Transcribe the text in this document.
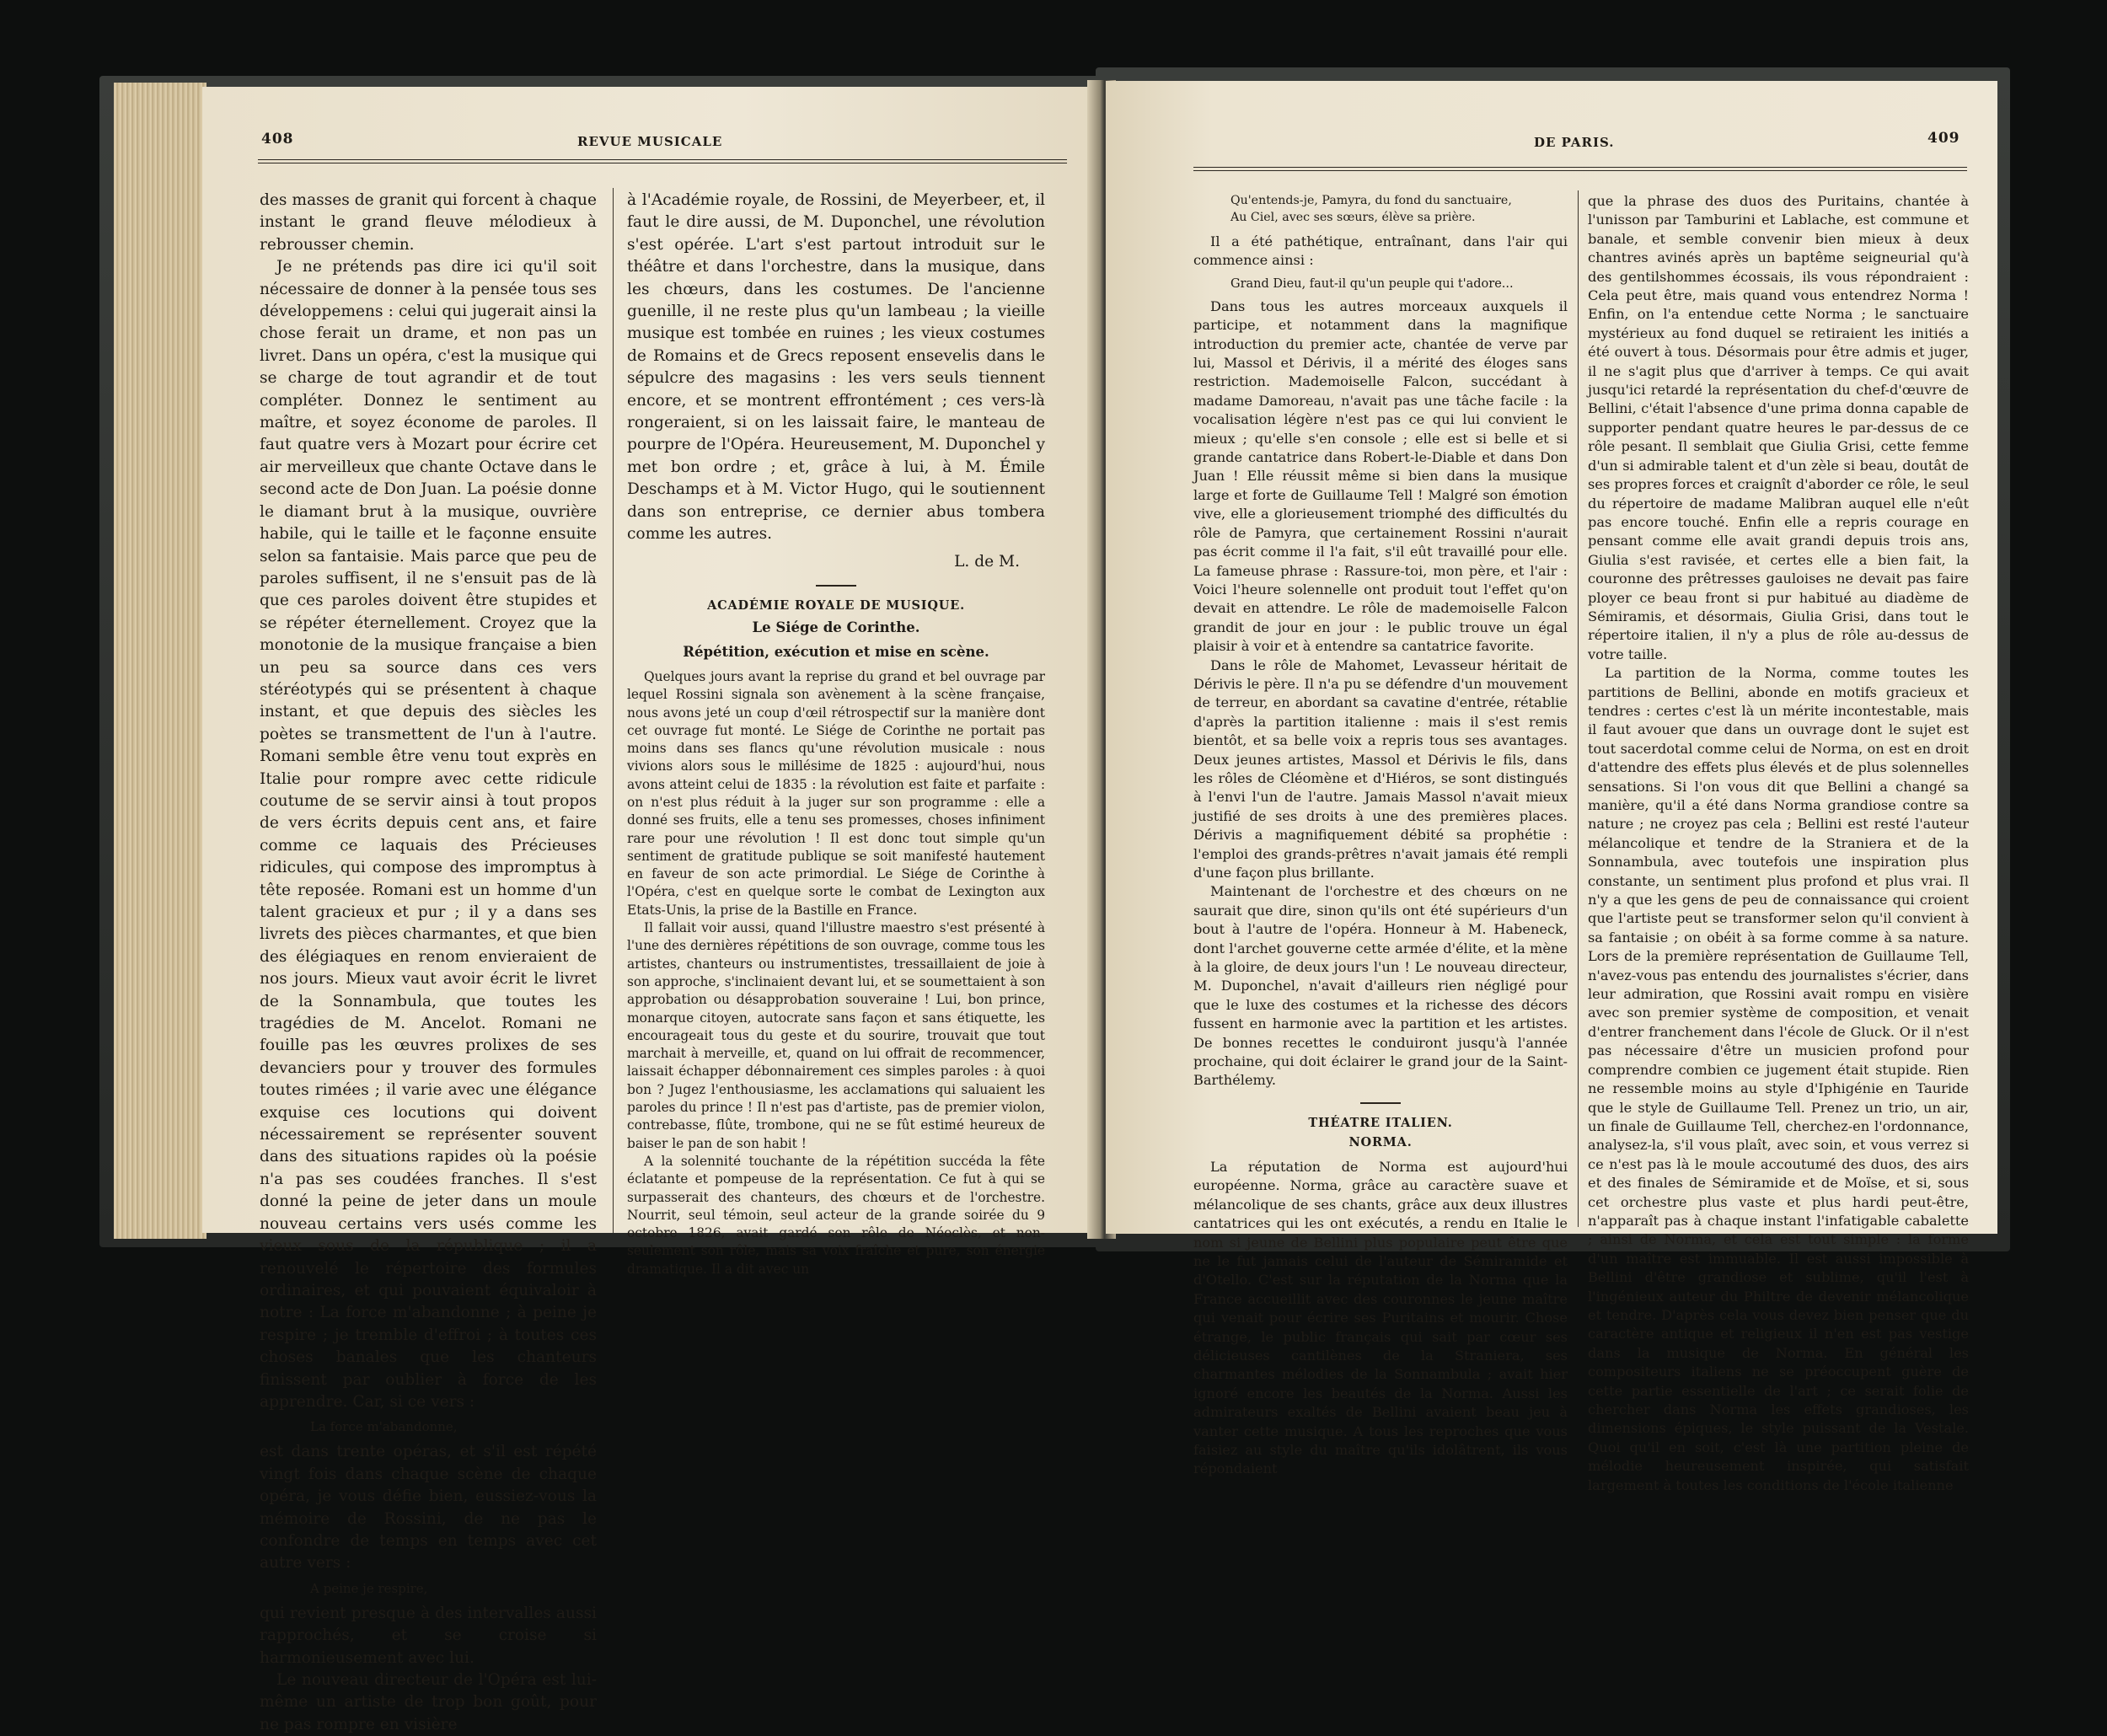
408	REVUE MUSICALE

des masses de granit qui forcent à chaque instant le grand fleuve mélodieux à rebrousser chemin.

Je ne prétends pas dire ici qu'il soit nécessaire de donner à la pensée tous ses développemens : celui qui jugerait ainsi la chose ferait un drame, et non pas un livret. Dans un opéra, c'est la musique qui se charge de tout agrandir et de tout compléter. Donnez le sentiment au maître, et soyez économe de paroles. Il faut quatre vers à Mozart pour écrire cet air merveilleux que chante Octave dans le second acte de Don Juan. La poésie donne le diamant brut à la musique, ouvrière habile, qui le taille et le façonne ensuite selon sa fantaisie. Mais parce que peu de paroles suffisent, il ne s'ensuit pas de là que ces paroles doivent être stupides et se répéter éternellement. Croyez que la monotonie de la musique française a bien un peu sa source dans ces vers stéréotypés qui se présentent à chaque instant, et que depuis des siècles les poètes se transmettent de l'un à l'autre. Romani semble être venu tout exprès en Italie pour rompre avec cette ridicule coutume de se servir ainsi à tout propos de vers écrits depuis cent ans, et faire comme ce laquais des Précieuses ridicules, qui compose des impromptus à tête reposée. Romani est un homme d'un talent gracieux et pur ; il y a dans ses livrets des pièces charmantes, et que bien des élégiaques en renom envieraient de nos jours. Mieux vaut avoir écrit le livret de la Sonnambula, que toutes les tragédies de M. Ancelot. Romani ne fouille pas les œuvres prolixes de ses devanciers pour y trouver des formules toutes rimées ; il varie avec une élégance exquise ces locutions qui doivent nécessairement se représenter souvent dans des situations rapides où la poésie n'a pas ses coudées franches. Il s'est donné la peine de jeter dans un moule nouveau certains vers usés comme les vieux sous de la république ; il a renouvelé le répertoire des formules ordinaires, et qui pouvaient équivaloir à notre : La force m'abandonne ; à peine je respire ; je tremble d'effroi ; à toutes ces choses banales que les chanteurs finissent par oublier à force de les apprendre. Car, si ce vers :

La force m'abandonne,

est dans trente opéras, et s'il est répété vingt fois dans chaque scène de chaque opéra, je vous défie bien, eussiez-vous la mémoire de Rossini, de ne pas le confondre de temps en temps avec cet autre vers :

A peine je respire,

qui revient presque à des intervalles aussi rapprochés, et se croise si harmonieusement avec lui.

Le nouveau directeur de l'Opéra est lui-même un artiste de trop bon goût, pour ne pas rompre en visière

à l'Académie royale, de Rossini, de Meyerbeer, et, il faut le dire aussi, de M. Duponchel, une révolution s'est opérée. L'art s'est partout introduit sur le théâtre et dans l'orchestre, dans la musique, dans les chœurs, dans les costumes. De l'ancienne guenille, il ne reste plus qu'un lambeau ; la vieille musique est tombée en ruines ; les vieux costumes de Romains et de Grecs reposent ensevelis dans le sépulcre des magasins : les vers seuls tiennent encore, et se montrent effrontément ; ces vers-là rongeraient, si on les laissait faire, le manteau de pourpre de l'Opéra. Heureusement, M. Duponchel y met bon ordre ; et, grâce à lui, à M. Émile Deschamps et à M. Victor Hugo, qui le soutiennent dans son entreprise, ce dernier abus tombera comme les autres.

L. de M.

ACADÉMIE ROYALE DE MUSIQUE.

Le Siége de Corinthe.

Répétition, exécution et mise en scène.

Quelques jours avant la reprise du grand et bel ouvrage par lequel Rossini signala son avènement à la scène française, nous avons jeté un coup d'œil rétrospectif sur la manière dont cet ouvrage fut monté. Le Siége de Corinthe ne portait pas moins dans ses flancs qu'une révolution musicale : nous vivions alors sous le millésime de 1825 : aujourd'hui, nous avons atteint celui de 1835 : la révolution est faite et parfaite : on n'est plus réduit à la juger sur son programme : elle a donné ses fruits, elle a tenu ses promesses, choses infiniment rare pour une révolution ! Il est donc tout simple qu'un sentiment de gratitude publique se soit manifesté hautement en faveur de son acte primordial. Le Siége de Corinthe à l'Opéra, c'est en quelque sorte le combat de Lexington aux Etats-Unis, la prise de la Bastille en France.

Il fallait voir aussi, quand l'illustre maestro s'est présenté à l'une des dernières répétitions de son ouvrage, comme tous les artistes, chanteurs ou instrumentistes, tressaillaient de joie à son approche, s'inclinaient devant lui, et se soumettaient à son approbation ou désapprobation souveraine ! Lui, bon prince, monarque citoyen, autocrate sans façon et sans étiquette, les encourageait tous du geste et du sourire, trouvait que tout marchait à merveille, et, quand on lui offrait de recommencer, laissait échapper débonnairement ces simples paroles : à quoi bon ? Jugez l'enthousiasme, les acclamations qui saluaient les paroles du prince ! Il n'est pas d'artiste, pas de premier violon, contrebasse, flûte, trombone, qui ne se fût estimé heureux de baiser le pan de son habit !

A la solennité touchante de la répétition succéda la fête éclatante et pompeuse de la représentation. Ce fut à qui se surpasserait des chanteurs, des chœurs et de l'orchestre. Nourrit, seul témoin, seul acteur de la grande soirée du 9 octobre 1826, avait gardé son rôle de Néoclès, et non-seulement son rôle, mais sa voix fraîche et pure, son énergie dramatique. Il a dit avec un

DE PARIS.	409

Qu'entends-je, Pamyra, du fond du sanctuaire,

Au Ciel, avec ses sœurs, élève sa prière.

Il a été pathétique, entraînant, dans l'air qui commence ainsi :

Grand Dieu, faut-il qu'un peuple qui t'adore...

Dans tous les autres morceaux auxquels il participe, et notamment dans la magnifique introduction du premier acte, chantée de verve par lui, Massol et Dérivis, il a mérité des éloges sans restriction. Mademoiselle Falcon, succédant à madame Damoreau, n'avait pas une tâche facile : la vocalisation légère n'est pas ce qui lui convient le mieux ; qu'elle s'en console ; elle est si belle et si grande cantatrice dans Robert-le-Diable et dans Don Juan ! Elle réussit même si bien dans la musique large et forte de Guillaume Tell ! Malgré son émotion vive, elle a glorieusement triomphé des difficultés du rôle de Pamyra, que certainement Rossini n'aurait pas écrit comme il l'a fait, s'il eût travaillé pour elle. La fameuse phrase : Rassure-toi, mon père, et l'air : Voici l'heure solennelle ont produit tout l'effet qu'on devait en attendre. Le rôle de mademoiselle Falcon grandit de jour en jour : le public trouve un égal plaisir à voir et à entendre sa cantatrice favorite.

Dans le rôle de Mahomet, Levasseur héritait de Dérivis le père. Il n'a pu se défendre d'un mouvement de terreur, en abordant sa cavatine d'entrée, rétablie d'après la partition italienne : mais il s'est remis bientôt, et sa belle voix a repris tous ses avantages. Deux jeunes artistes, Massol et Dérivis le fils, dans les rôles de Cléomène et d'Hiéros, se sont distingués à l'envi l'un de l'autre. Jamais Massol n'avait mieux justifié de ses droits à une des premières places. Dérivis a magnifiquement débité sa prophétie : l'emploi des grands-prêtres n'avait jamais été rempli d'une façon plus brillante.

Maintenant de l'orchestre et des chœurs on ne saurait que dire, sinon qu'ils ont été supérieurs d'un bout à l'autre de l'opéra. Honneur à M. Habeneck, dont l'archet gouverne cette armée d'élite, et la mène à la gloire, de deux jours l'un ! Le nouveau directeur, M. Duponchel, n'avait d'ailleurs rien négligé pour que le luxe des costumes et la richesse des décors fussent en harmonie avec la partition et les artistes. De bonnes recettes le conduiront jusqu'à l'année prochaine, qui doit éclairer le grand jour de la Saint-Barthélemy.

THÉATRE ITALIEN.

NORMA.

La réputation de Norma est aujourd'hui européenne. Norma, grâce au caractère suave et mélancolique de ses chants, grâce aux deux illustres cantatrices qui les ont exécutés, a rendu en Italie le nom si jeune de Bellini plus populaire peut être que ne le fut jamais celui de l'auteur de Sémiramide et d'Otello. C'est sur la réputation de la Norma que la France accueillit avec des couronnes le jeune maître qui venait pour écrire ses Puritains et mourir. Chose étrange, le public français qui sait par cœur ses délicieuses cantilènes de la Straniera, ses charmantes mélodies de la Sonnambula ; avait hier ignoré encore les beautés de la Norma. Aussi les admirateurs exaltés de Bellini avaient beau jeu à vanter cette musique. A tous les reproches que vous faisiez au style du maître qu'ils idolâtrent, ils vous répondaient

que la phrase des duos des Puritains, chantée à l'unisson par Tamburini et Lablache, est commune et banale, et semble convenir bien mieux à deux chantres avinés après un baptême seigneurial qu'à des gentilshommes écossais, ils vous répondraient : Cela peut être, mais quand vous entendrez Norma ! Enfin, on l'a entendue cette Norma ; le sanctuaire mystérieux au fond duquel se retiraient les initiés a été ouvert à tous. Désormais pour être admis et juger, il ne s'agit plus que d'arriver à temps. Ce qui avait jusqu'ici retardé la représentation du chef-d'œuvre de Bellini, c'était l'absence d'une prima donna capable de supporter pendant quatre heures le par-dessus de ce rôle pesant. Il semblait que Giulia Grisi, cette femme d'un si admirable talent et d'un zèle si beau, doutât de ses propres forces et craignît d'aborder ce rôle, le seul du répertoire de madame Malibran auquel elle n'eût pas encore touché. Enfin elle a repris courage en pensant comme elle avait grandi depuis trois ans, Giulia s'est ravisée, et certes elle a bien fait, la couronne des prêtresses gauloises ne devait pas faire ployer ce beau front si pur habitué au diadème de Sémiramis, et désormais, Giulia Grisi, dans tout le répertoire italien, il n'y a plus de rôle au-dessus de votre taille.

La partition de la Norma, comme toutes les partitions de Bellini, abonde en motifs gracieux et tendres : certes c'est là un mérite incontestable, mais il faut avouer que dans un ouvrage dont le sujet est tout sacerdotal comme celui de Norma, on est en droit d'attendre des effets plus élevés et de plus solennelles sensations. Si l'on vous dit que Bellini a changé sa manière, qu'il a été dans Norma grandiose contre sa nature ; ne croyez pas cela ; Bellini est resté l'auteur mélancolique et tendre de la Straniera et de la Sonnambula, avec toutefois une inspiration plus constante, un sentiment plus profond et plus vrai. Il n'y a que les gens de peu de connaissance qui croient que l'artiste peut se transformer selon qu'il convient à sa fantaisie ; on obéit à sa forme comme à sa nature. Lors de la première représentation de Guillaume Tell, n'avez-vous pas entendu des journalistes s'écrier, dans leur admiration, que Rossini avait rompu en visière avec son premier système de composition, et venait d'entrer franchement dans l'école de Gluck. Or il n'est pas nécessaire d'être un musicien profond pour comprendre combien ce jugement était stupide. Rien ne ressemble moins au style d'Iphigénie en Tauride que le style de Guillaume Tell. Prenez un trio, un air, un finale de Guillaume Tell, cherchez-en l'ordonnance, analysez-la, s'il vous plaît, avec soin, et vous verrez si ce n'est pas là le moule accoutumé des duos, des airs et des finales de Sémiramide et de Moïse, et si, sous cet orchestre plus vaste et plus hardi peut-être, n'apparaît pas à chaque instant l'infatigable cabalette ; ainsi de Norma, et cela est tout simple : la forme d'un maître est immuable. Il est aussi impossible à Bellini d'être grandiose et sublime, qu'il l'est à l'ingénieux auteur du Philtre de devenir mélancolique et tendre. D'après cela vous devez bien penser que du caractère antique et religieux il n'en est pas vestige dans la musique de Norma. En général les compositeurs italiens ne se préoccupent guère de cette partie essentielle de l'art ; ce serait folie de chercher dans Norma les effets grandioses, les dimensions épiques, le style puissant de la Vestale. Quoi qu'il en soit, c'est là une partition pleine de mélodie heureusement inspirée, qui satisfait largement à toutes les conditions de l'école italienne
